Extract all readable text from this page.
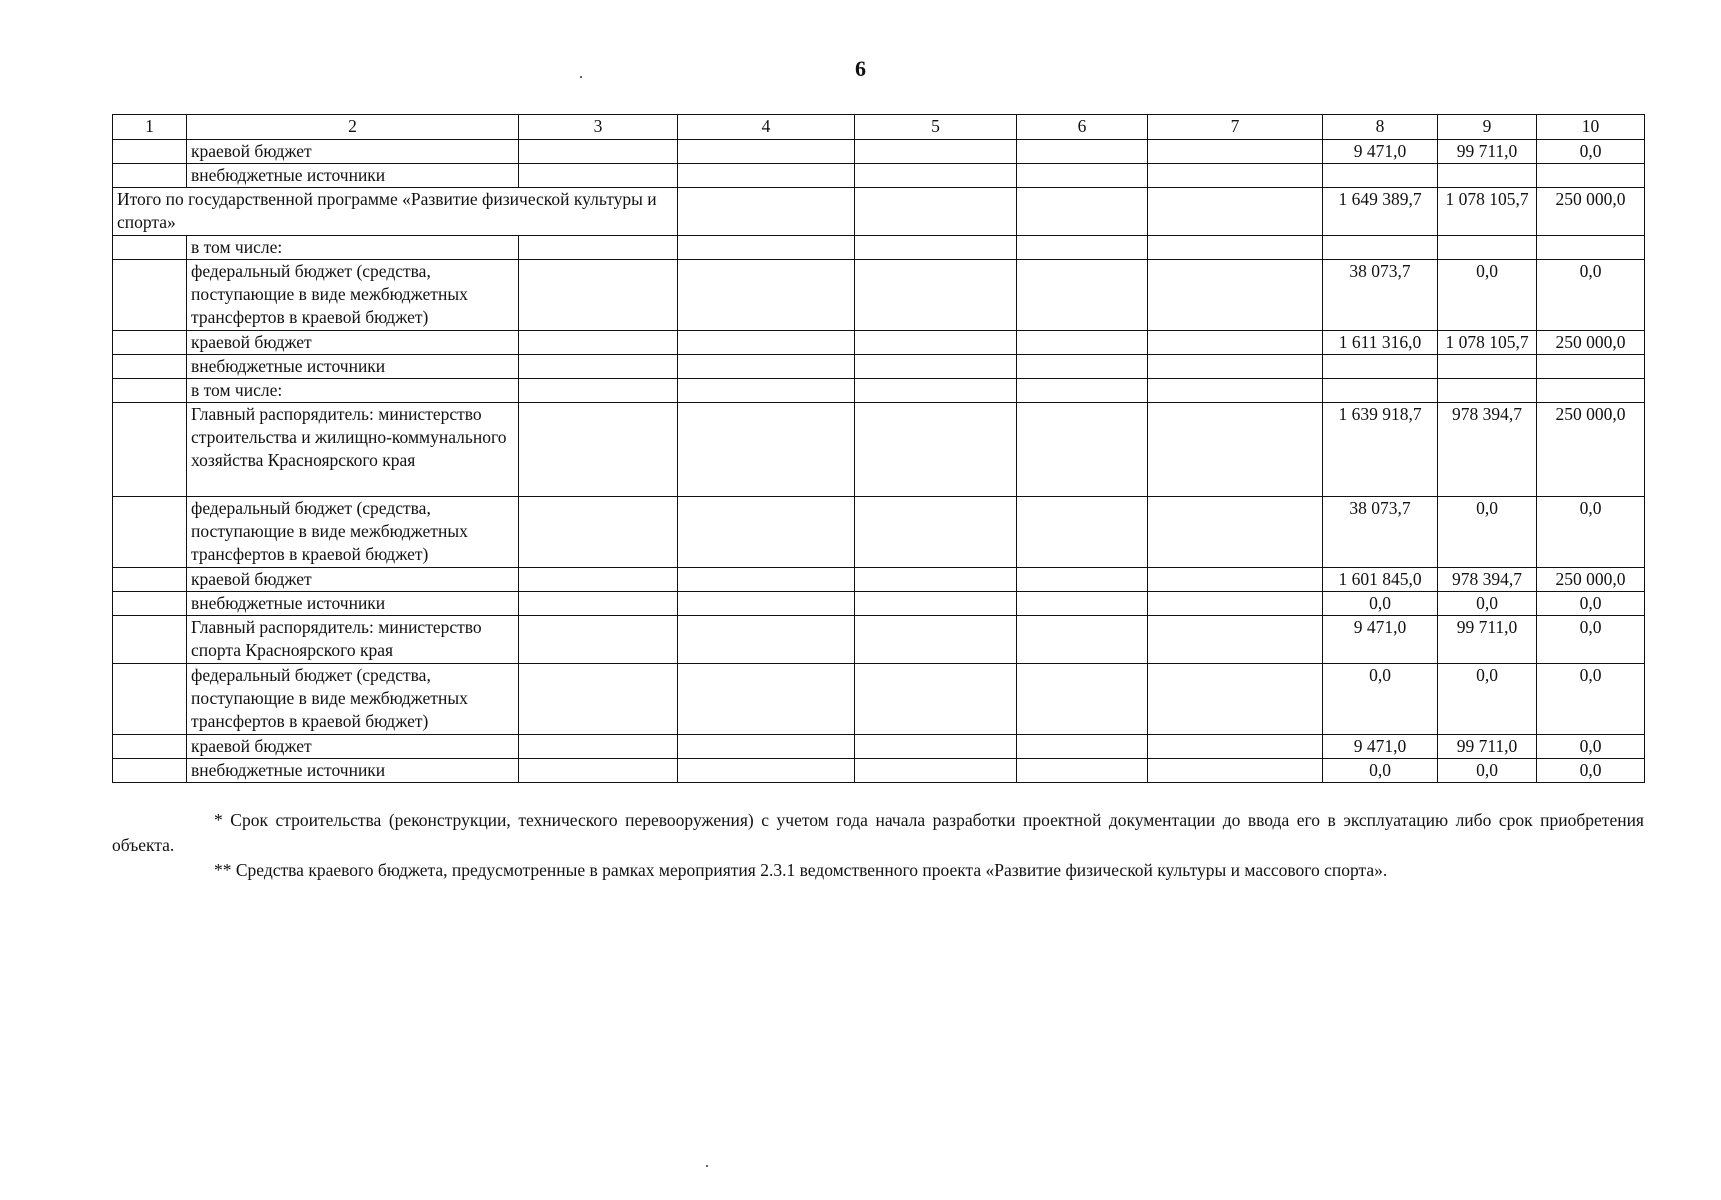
6
1	2	3	4	5	6	7	8	9	10
	краевой бюджет						9 471,0	99 711,0	0,0
	внебюджетные источники								
Итого по государственной программе «Развитие физической культуры и спорта»							1 649 389,7	1 078 105,7	250 000,0
	в том числе:								
	федеральный бюджет (средства, поступающие в виде межбюджетных трансфертов в краевой бюджет)						38 073,7	0,0	0,0
	краевой бюджет						1 611 316,0	1 078 105,7	250 000,0
	внебюджетные источники								
	в том числе:								
	Главный распорядитель: министерство строительства и жилищно-коммунального хозяйства Красноярского края						1 639 918,7	978 394,7	250 000,0
	федеральный бюджет (средства, поступающие в виде межбюджетных трансфертов в краевой бюджет)						38 073,7	0,0	0,0
	краевой бюджет						1 601 845,0	978 394,7	250 000,0
	внебюджетные источники						0,0	0,0	0,0
	Главный распорядитель: министерство спорта Красноярского края						9 471,0	99 711,0	0,0
	федеральный бюджет (средства, поступающие в виде межбюджетных трансфертов в краевой бюджет)						0,0	0,0	0,0
	краевой бюджет						9 471,0	99 711,0	0,0
	внебюджетные источники						0,0	0,0	0,0

* Срок строительства (реконструкции, технического перевооружения) с учетом года начала разработки проектной документации до ввода его в эксплуатацию либо срок приобретения объекта.

** Средства краевого бюджета, предусмотренные в рамках мероприятия 2.3.1 ведомственного проекта «Развитие физической культуры и массового спорта».
